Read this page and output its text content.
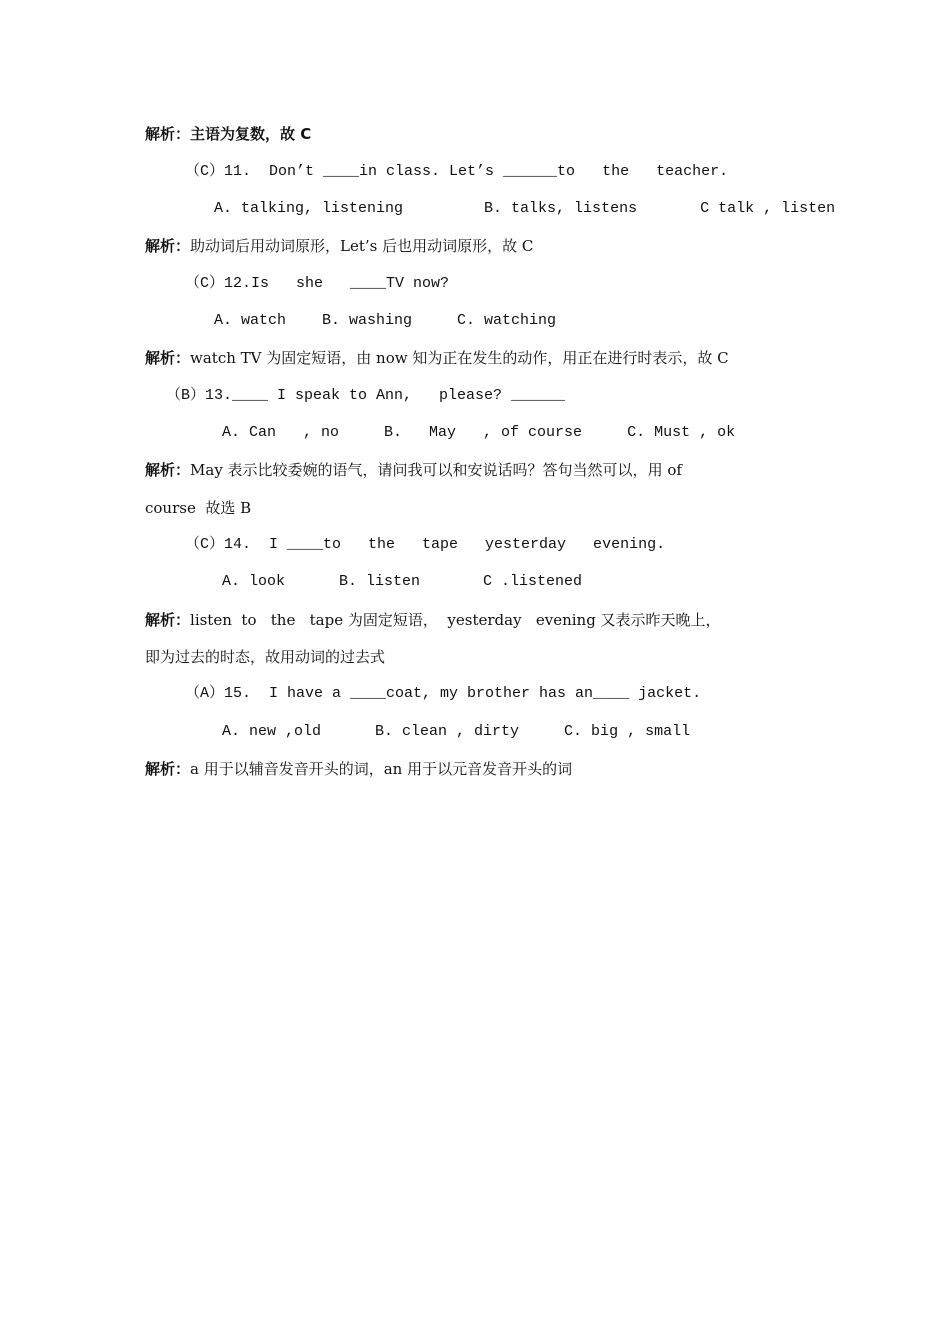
解析：主语为复数，故 C
（C）11.  Don’t ____in class. Let’s ______to   the   teacher.
A. talking, listening         B. talks, listens       C talk , listen
解析：助动词后用动词原形，Let’s 后也用动词原形，故 C
（C）12.Is   she   ____TV now?
A. watch    B. washing     C. watching
解析：watch TV 为固定短语，由 now 知为正在发生的动作，用正在进行时表示，故 C
（B）13.____ I speak to Ann,   please? ______
A. Can   , no     B.   May   , of course     C. Must , ok
解析：May 表示比较委婉的语气，请问我可以和安说话吗？答句当然可以，用 of
course  故选 B
（C）14.  I ____to   the   tape   yesterday   evening.
A. look      B. listen       C .listened
解析：listen  to   the   tape 为固定短语，  yesterday   evening 又表示昨天晚上，
即为过去的时态，故用动词的过去式
（A）15.  I have a ____coat, my brother has an____ jacket.
A. new ,old      B. clean , dirty     C. big , small
解析：a 用于以辅音发音开头的词，an 用于以元音发音开头的词
